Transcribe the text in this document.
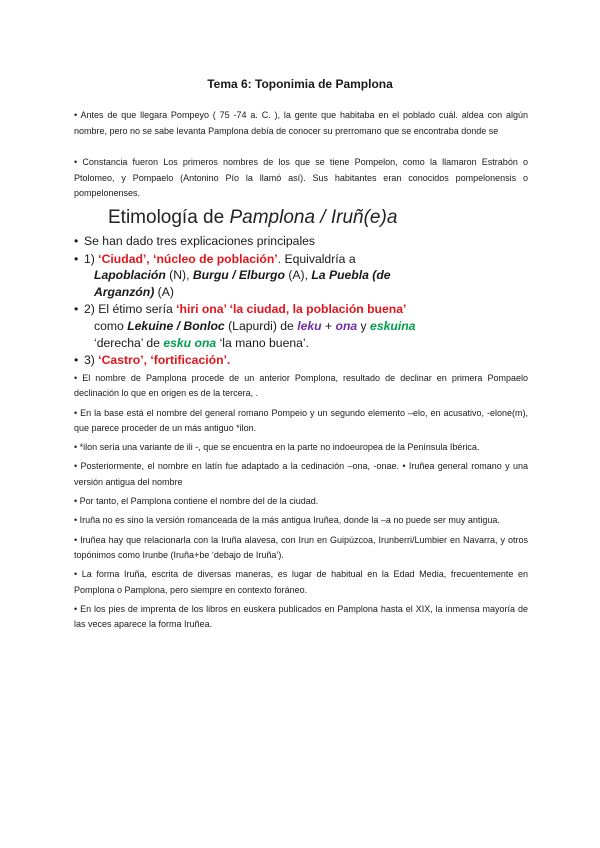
Tema 6: Toponimia de Pamplona
• Antes de que llegara Pompeyo ( 75 -74 a. C. ), la gente que habitaba en el poblado cuál. aldea con algún nombre, pero no se sabe levanta Pamplona debía de conocer su prerromano que se encontraba donde se
• Constancia fueron Los primeros nombres de los que se tiene Pompelon, como la llamaron Estrabón o Ptolomeo, y Pompaelo (Antonino Pío la llamó así). Sus habitantes eran conocidos pompelonensis o pompelonenses.
Etimología de Pamplona / Iruñ(e)a
• Se han dado tres explicaciones principales
• 1) ‘Ciudad’, ‘núcleo de población’. Equivaldría a
Lapoblación (N), Burgu / Elburgo (A), La Puebla (de
Arganzón) (A)
• 2) El étimo sería ‘hiri ona’ ‘la ciudad, la población buena’
como Lekuine / Bonloc (Lapurdi) de leku + ona y eskuina
‘derecha’ de esku ona ‘la mano buena’.
• 3) ‘Castro’, ‘fortificación’.
• El nombre de Pamplona procede de un anterior Pomplona, resultado de declinar en primera Pompaelo declinación lo que en origen es de la tercera, .
• En la base está el nombre del general romano Pompeio y un segundo elemento –elo, en acusativo, -elone(m), que parece proceder de un más antiguo *ilon.
• *ilon sería una variante de ili -, que se encuentra en la parte no indoeuropea de la Península Ibérica.
• Posteriormente, el nombre en latín fue adaptado a la cedinación –ona, -onae. • Iruñea general romano y una versión antigua del nombre
• Por tanto, el Pamplona contiene el nombre del de la ciudad.
• Iruña no es sino la versión romanceada de la más antigua Iruñea, donde la –a no puede ser muy antigua.
• Iruñea hay que relacionarla con la Iruña alavesa, con Irun en Guipúzcoa, Irunberri/Lumbier en Navarra, y otros topónimos como Irunbe (Iruña+be ‘debajo de Iruña’).
• La forma Iruña, escrita de diversas maneras, es lugar de habitual en la Edad Media, frecuentemente en Pomplona o Pamplona, pero siempre en contexto foráneo.
• En los pies de imprenta de los libros en euskera publicados en Pamplona hasta el XIX, la inmensa mayoría de las veces aparece la forma Iruñea.
